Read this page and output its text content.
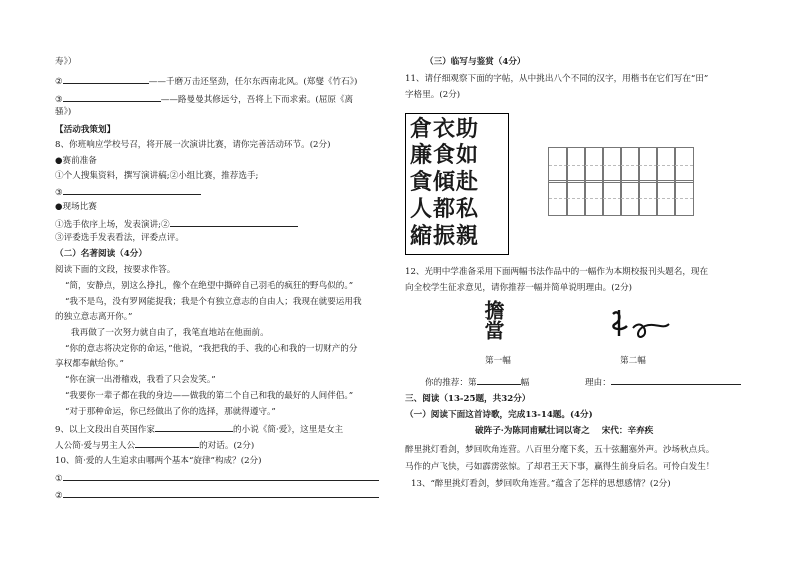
寿》）
②	——千磨万击还坚劲，任尔东西南北风。(郑燮《竹石》)
③	——路曼曼其修远兮，吾将上下而求索。(屈原《离
骚》)
【活动我策划】
8、你班响应学校号召，将开展一次演讲比赛，请你完善活动环节。(2分)
●赛前准备
①个人搜集资料，撰写演讲稿;②小组比赛，推荐选手;
③
●现场比赛
①选手依序上场，发表演讲;②
③评委选手发表看法，评委点评。
（二）名著阅读（4分）
阅读下面的文段，按要求作答。
“简，安静点，别这么挣扎，像个在绝望中撕碎自己羽毛的疯狂的野鸟似的。”
“我不是鸟，没有罗网能捉我；我是个有独立意志的自由人；我现在就要运用我
的独立意志离开你。”
我再做了一次努力就自由了，我笔直地站在他面前。
“你的意志将决定你的命运，”他说，“我把我的手、我的心和我的一切财产的分
享权都奉献给你。”
“你在演一出滑稽戏，我看了只会发笑。”
“我要你一辈子都在我的身边——做我的第二个自己和我的最好的人间伴侣。”
“对于那种命运，你已经做出了你的选择，那就得遵守。”
9、以上文段出自英国作家	的小说《简·爱》，这里是女主
人公简·爱与男主人公	的对话。(2分)
10、简·爱的人生追求由哪两个基本“旋律”构成？(2分)
①
②
（三）临写与鉴赏（4分）
11、请仔细观察下面的字帖，从中挑出八个不同的汉字，用楷书在它们写在“田”
字格里。(2分)
倉衣助
廉食如
貪傾赴
人都私
縮振親
12、光明中学准备采用下面两幅书法作品中的一幅作为本期校报刊头题名，现在
向全校学生征求意见，请你推荐一幅并简单说明理由。(2分)
擔當
第一幅	第二幅
你的推荐：第	幅	理由：
三、阅读（13-25题，共32分）
（一）阅读下面这首诗歌，完成13-14题。(4分)
破阵子·为陈同甫赋壮词以寄之 宋代：辛弃疾
醉里挑灯看剑，梦回吹角连营。八百里分麾下炙，五十弦翻塞外声。沙场秋点兵。
马作的卢飞快，弓如霹雳弦惊。了却君王天下事，赢得生前身后名。可怜白发生！
13、“醉里挑灯看剑，梦回吹角连营。”蕴含了怎样的思想感情？(2分)
